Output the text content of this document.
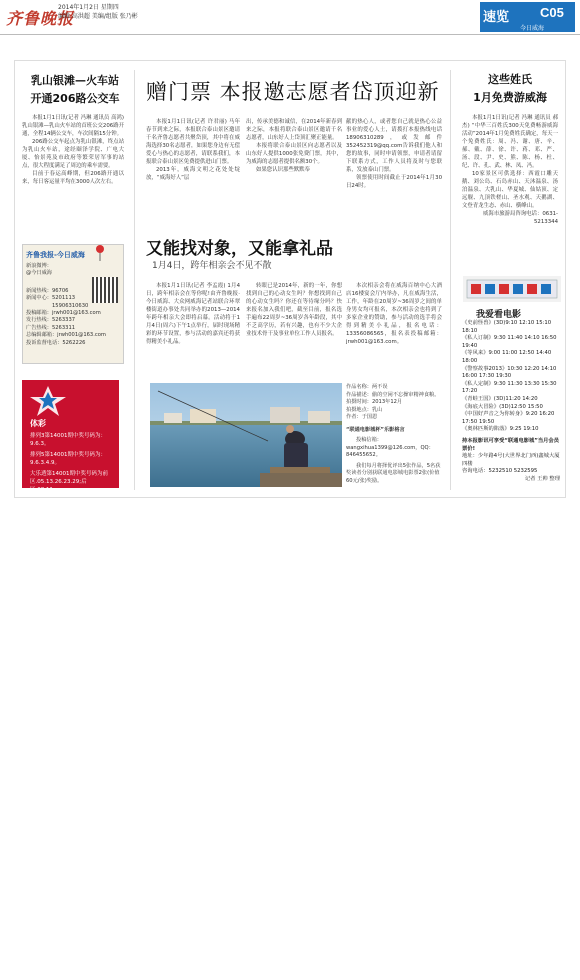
齐鲁晚报
2014年1月2日 星期四
编辑 高洪超 美编/组版 张乃彬	速览 C05
今日威海
乳山银滩—火车站
开通206路公交车

本报1月1日讯(记者 冯琳 通讯员 高鸿) 乳山银滩—乳山火车站的首班公交206路开通，全程14辆公交车，车次间隔15分钟。

206路公交车起点为乳山银滩，终点站为乳山火车站，途经颐泽学院、广电大厦、怡景苑及市政府等繁荣居军事的站点，很大程度满足了周边的乘车需要。

目前于春运高峰期，但206路开通以来，每日客运量平均在3000人次左右。

齐鲁我报-今日威海
新浪微博：
@今日威海
新闻热线：96706
新闻中心：5201113
15906310630
投稿邮箱：jrwh001@163.com
发行热线：5263337
广告热线：5263311
总编辑邮箱：jrwh001@163.com
投诉监督电话：5262226
体彩
排列3第14001期中奖号码为：9.6.3。
排列5第14001期中奖号码为：9.6.3.4.9。
大乐透第14001期中奖号码为前区.05.13.26.23.29;后区.08.11。
赠门票 本报邀志愿者岱顶迎新

本报1月1日讯(记者 许君丽) 马年春节到来之际，本报联合泰山景区邀请千名齐鲁志愿者共聚岱顶，其中将在威海选择30名志愿者，如果您身边有无偿爱心与热心的志愿者，请联系我们，本报联合泰山景区免费提供进山门票。

2013年，威海文明之花处处绽放，“威海好人”层

出，传承美德和诚信，在2014年新春到来之际，本报将联合泰山景区邀请千名志愿者，山东好人上岱顶汇聚正能量。

本报将联合泰山景区向志愿者以及山东好人提供1000张免费门票，其中，为威海的志愿者提供名额30个。

如果您认识那些默默奉

献的热心人，或者您自己就是热心公益事业的爱心人士，请拨打本报热线电话18906310289，或发邮件352452319@qq.com告诉我们他人和您的故事，同时申请领票，申请者请留下联系方式，工作人员将及时与您联系，发放泰山门票。

领票使用时间截止于2014年1月30日24时。

又能找对象，又能拿礼品
1月4日，跨年相亲会不见不散

本报1月1日讯(记者 李孟霞) 1月4日，跨年相亲会在等你呢!由齐鲁晚报·今日威海、大众网威海记者站联合环翠楼街道办事处共同举办的2013—2014年跨年相亲大会即将启幕。活动将于1月4日(周六)下午1点举行，届时现场精彩的环节设置，参与活动的嘉宾还将获得精美小礼品。

转眼已是2014年，新的一年，你想找到自己的心动女生吗？你想找到自己的心动女生吗？你还在等待缘分吗？快来报名加入我们吧，截至目前，报名选手遍布22周岁~36周岁各年龄段，其中不乏高学历，若有兴趣，也有不少大企业技术骨干及事业单位工作人员报名。

本次相亲会将在威海百纳中心大酒店16楼宴会厅内举办，凡在威海生活，工作，年龄在20周岁~36周岁之间的单身男女均可报名，本次相亲会也将到了多家企业的赞助，参与活动的选手将会得到精美小礼品，报名电话：13356086565，报名表投稿邮箱：jrwh001@163.com。

作品名称：两不误
作品描述：偷的空闲不忘操审精神食粮。
拍摄时间：2013年12月
拍摄地点：乳山
作者：于国恩
“联通电影城杯”乐影格言
投稿信箱：wangxihua1399@126.com，QQ：846455652。
我们每月将择优评出5张作品，5名获奖读者分别获联通电影城电影票2张(价值60元/张)奖励。
这些姓氏
1月免费游威海

本报1月1日讯(记者 冯琳 通讯员 郝杰) “中华三百姓氏300天免费畅游威海活动”2014年1月免费姓氏确定，每天一个免费姓氏：周、冯、谢、唐、辛、郝、戴、薛、徐、许、蒋、邓、严、汤、段、尹、史、熊、陈、杨、杜、纪、许、孔、武、林、凤、冯。

10家景区可供选择：西霞口雕天鹅、刘公岛、石岛赤山、天沐温泉、汤泊温泉、大乳山、华夏城、仙姑顶、定远舰、九顶铁槎山、圣水观、天鹅湖、文登青龙生态、赤山、横峰山。

威海市旅游局咨询电话：0631-5213344

我爱看电影
《史前怪兽》(3D)9:10 12:10 15:10 18:10
《私人订制》9:30 11:40 14:10 16:50 19:40
《等风来》9:00 11:00 12:50 14:40 18:00
《警察故事2013》10:30 12:20 14:10 16:00 17:30 19:30
《私人定制》9:30 11:30 13:30 15:30 17:20
《青蛙王国》(3D)11:20 14:20
《海底大冒险》(3D)12:50 15:50
《中国好声音之为你转身》9:20 16:20 17:50 19:50
《奥林匹斯的陷落》9:25 19:10
持本报影讯可享受“联通电影城”当月会员票价!
地址：少年路4号(大世界北门西)鑫城大厦四楼
咨询电话：5232510 5232595
记者 王帅 整理
